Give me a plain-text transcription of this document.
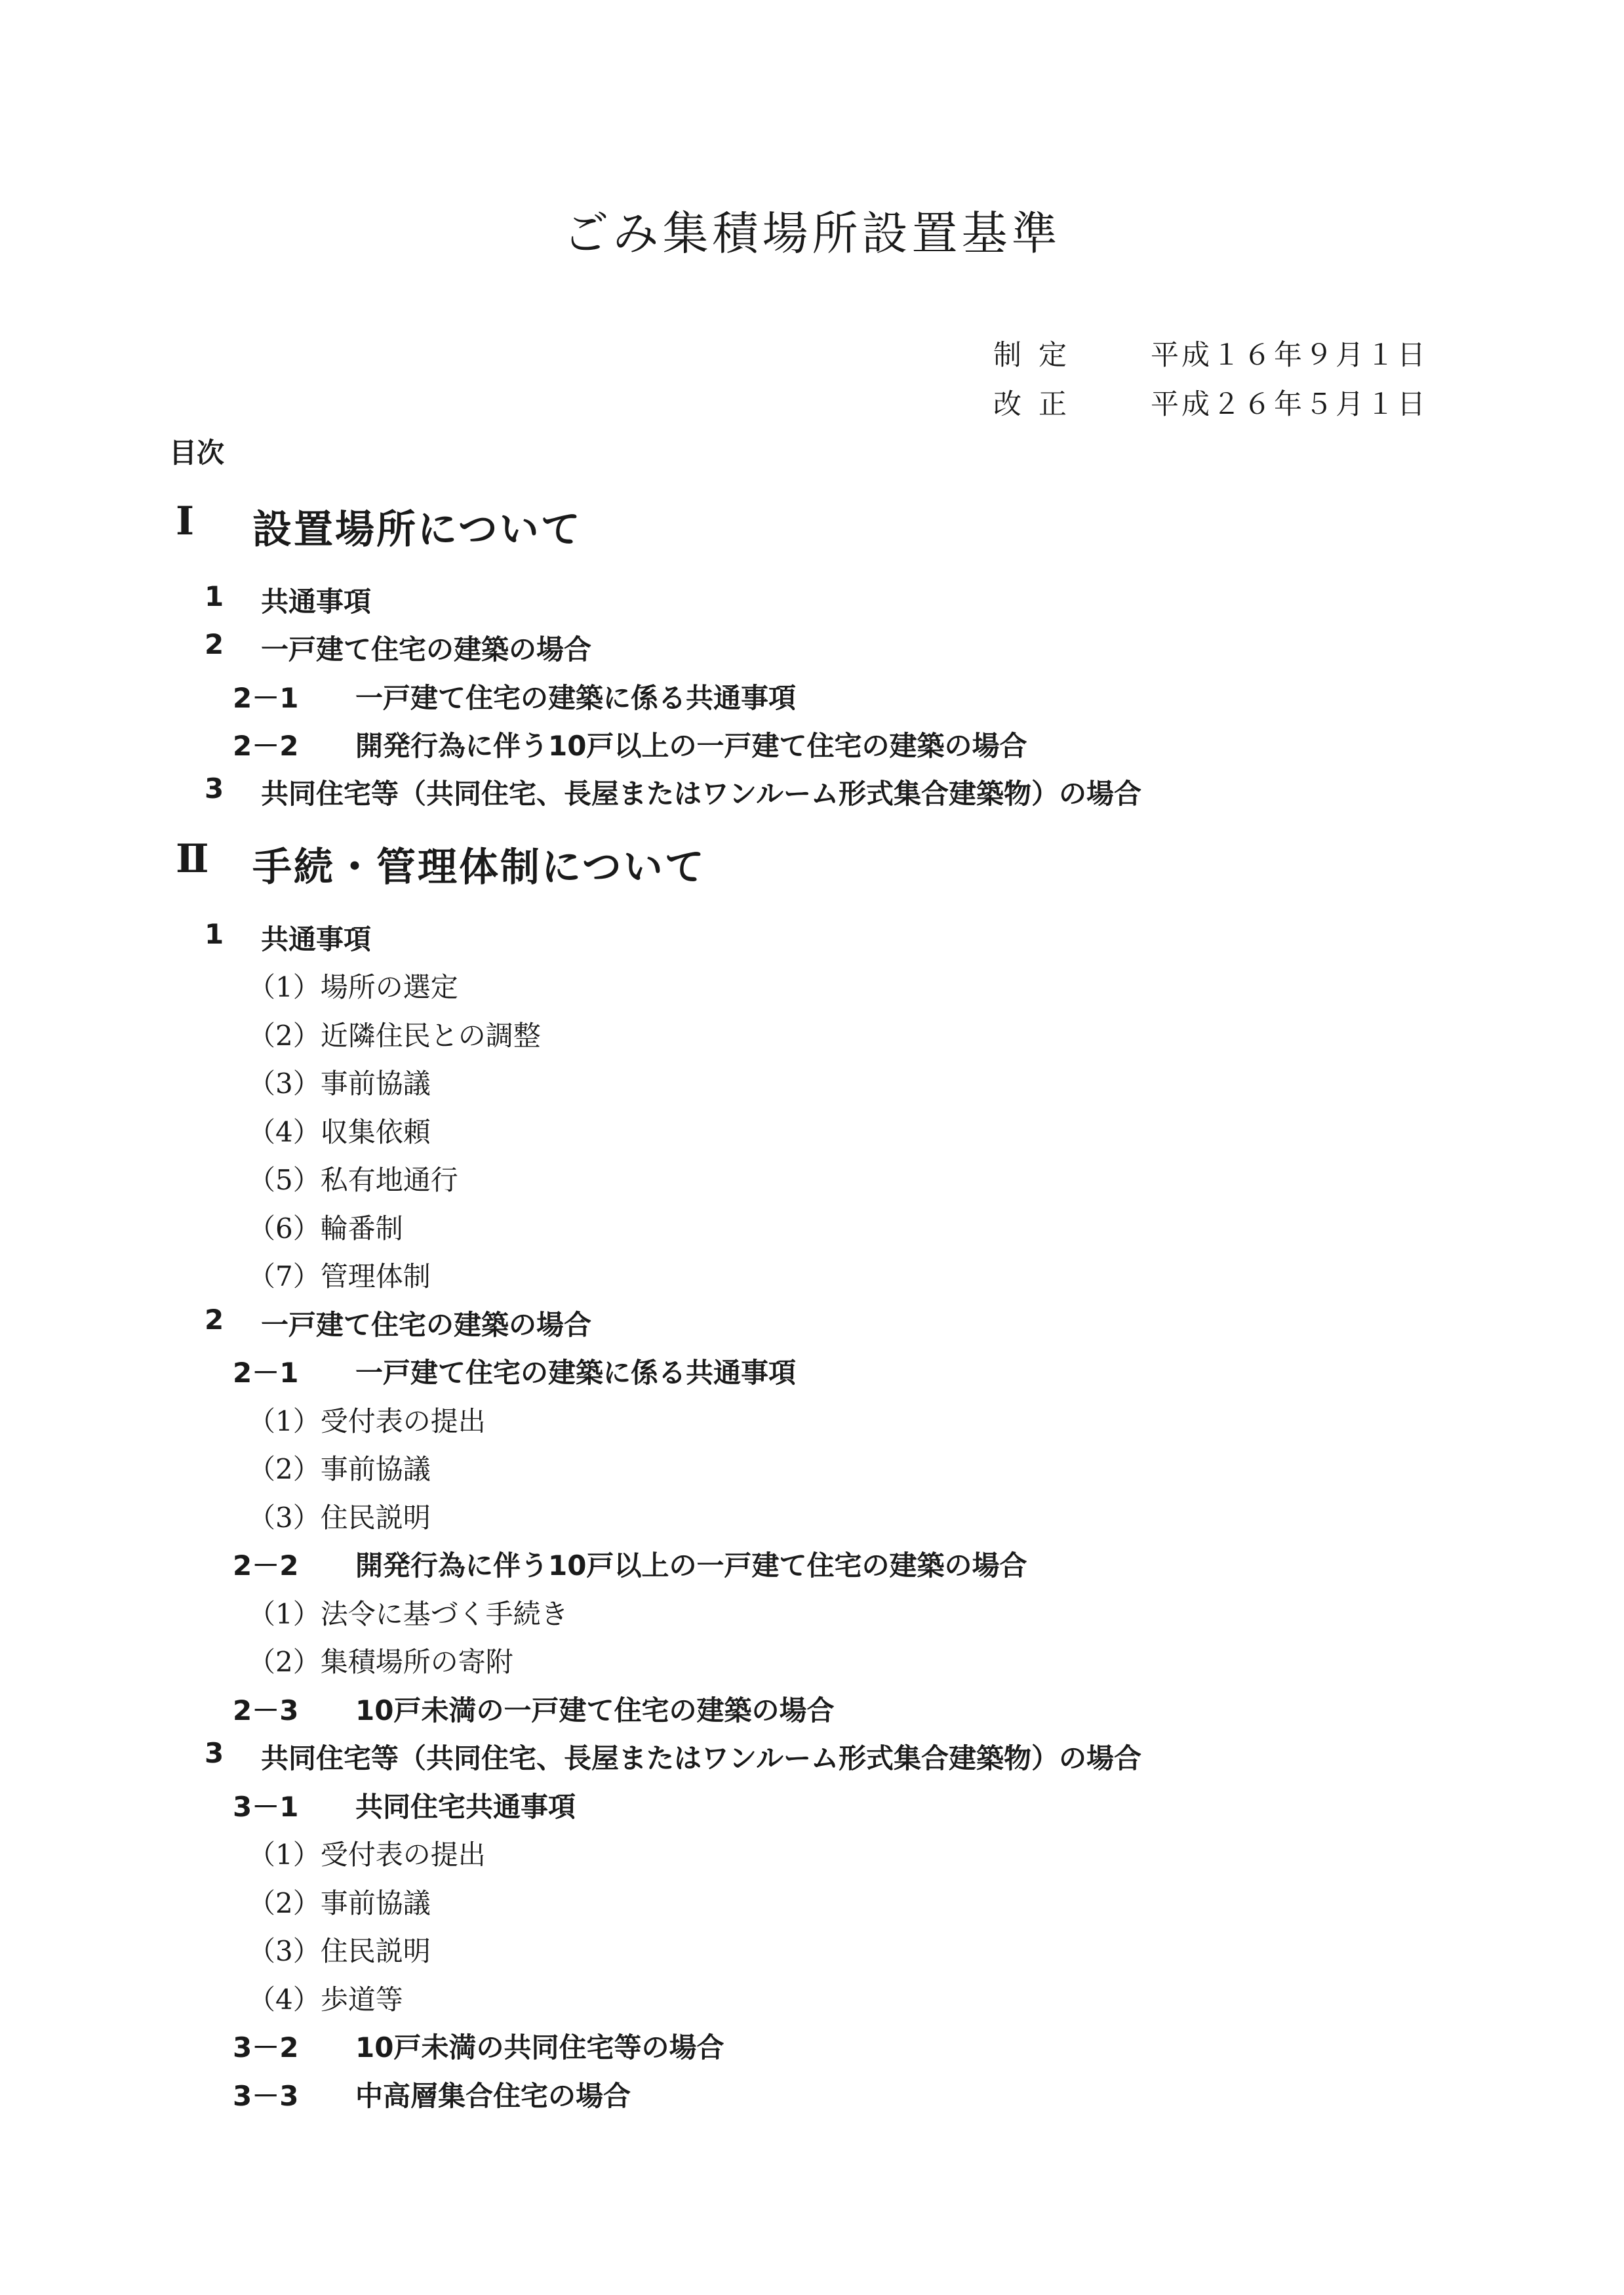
ごみ集積場所設置基準
制定 平成１６年９月１日
改正 平成２６年５月１日
目次
Ⅰ 設置場所について
1 共通事項
2 一戸建て住宅の建築の場合
2－1 一戸建て住宅の建築に係る共通事項
2－2 開発行為に伴う10戸以上の一戸建て住宅の建築の場合
3 共同住宅等（共同住宅、長屋またはワンルーム形式集合建築物）の場合
Ⅱ 手続・管理体制について
1 共通事項
（1）場所の選定
（2）近隣住民との調整
（3）事前協議
（4）収集依頼
（5）私有地通行
（6）輪番制
（7）管理体制
2 一戸建て住宅の建築の場合
2－1 一戸建て住宅の建築に係る共通事項
（1）受付表の提出
（2）事前協議
（3）住民説明
2－2 開発行為に伴う10戸以上の一戸建て住宅の建築の場合
（1）法令に基づく手続き
（2）集積場所の寄附
2－3 10戸未満の一戸建て住宅の建築の場合
3 共同住宅等（共同住宅、長屋またはワンルーム形式集合建築物）の場合
3－1 共同住宅共通事項
（1）受付表の提出
（2）事前協議
（3）住民説明
（4）歩道等
3－2 10戸未満の共同住宅等の場合
3－3 中高層集合住宅の場合
